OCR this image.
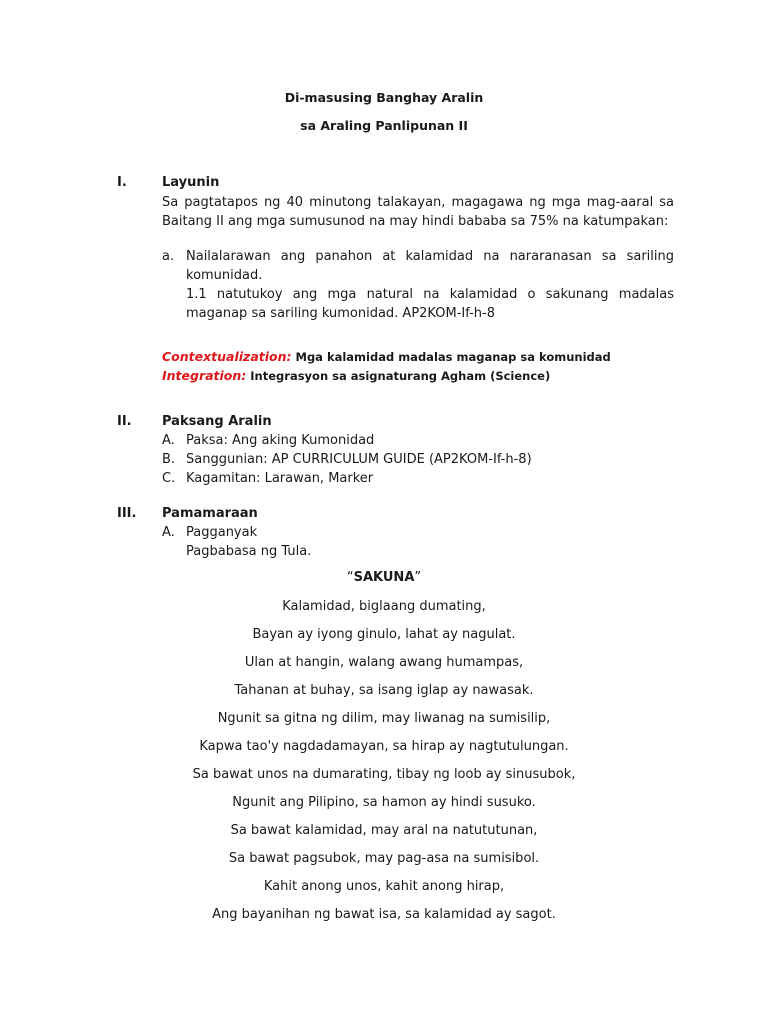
Di-masusing Banghay Aralin
sa Araling Panlipunan II
I.	Layunin
Sa pagtatapos ng 40 minutong talakayan, magagawa ng mga mag-aaral sa Baitang II ang mga sumusunod na may hindi bababa sa 75% na katumpakan:
a. Nailalarawan ang panahon at kalamidad na nararanasan sa sariling komunidad.
1.1 natutukoy ang mga natural na kalamidad o sakunang madalas maganap sa sariling kumonidad. AP2KOM-If-h-8
Contextualization: Mga kalamidad madalas maganap sa komunidad
Integration: Integrasyon sa asignaturang Agham (Science)
II. Paksang Aralin
A. Paksa: Ang aking Kumonidad
B. Sanggunian: AP CURRICULUM GUIDE (AP2KOM-If-h-8)
C. Kagamitan: Larawan, Marker
III. Pamamaraan
A. Pagganyak
Pagbabasa ng Tula.
“SAKUNA”
Kalamidad, biglaang dumating,
Bayan ay iyong ginulo, lahat ay nagulat.
Ulan at hangin, walang awang humampas,
Tahanan at buhay, sa isang iglap ay nawasak.
Ngunit sa gitna ng dilim, may liwanag na sumisilip,
Kapwa tao'y nagdadamayan, sa hirap ay nagtutulungan.
Sa bawat unos na dumarating, tibay ng loob ay sinusubok,
Ngunit ang Pilipino, sa hamon ay hindi susuko.
Sa bawat kalamidad, may aral na natututunan,
Sa bawat pagsubok, may pag-asa na sumisibol.
Kahit anong unos, kahit anong hirap,
Ang bayanihan ng bawat isa, sa kalamidad ay sagot.
